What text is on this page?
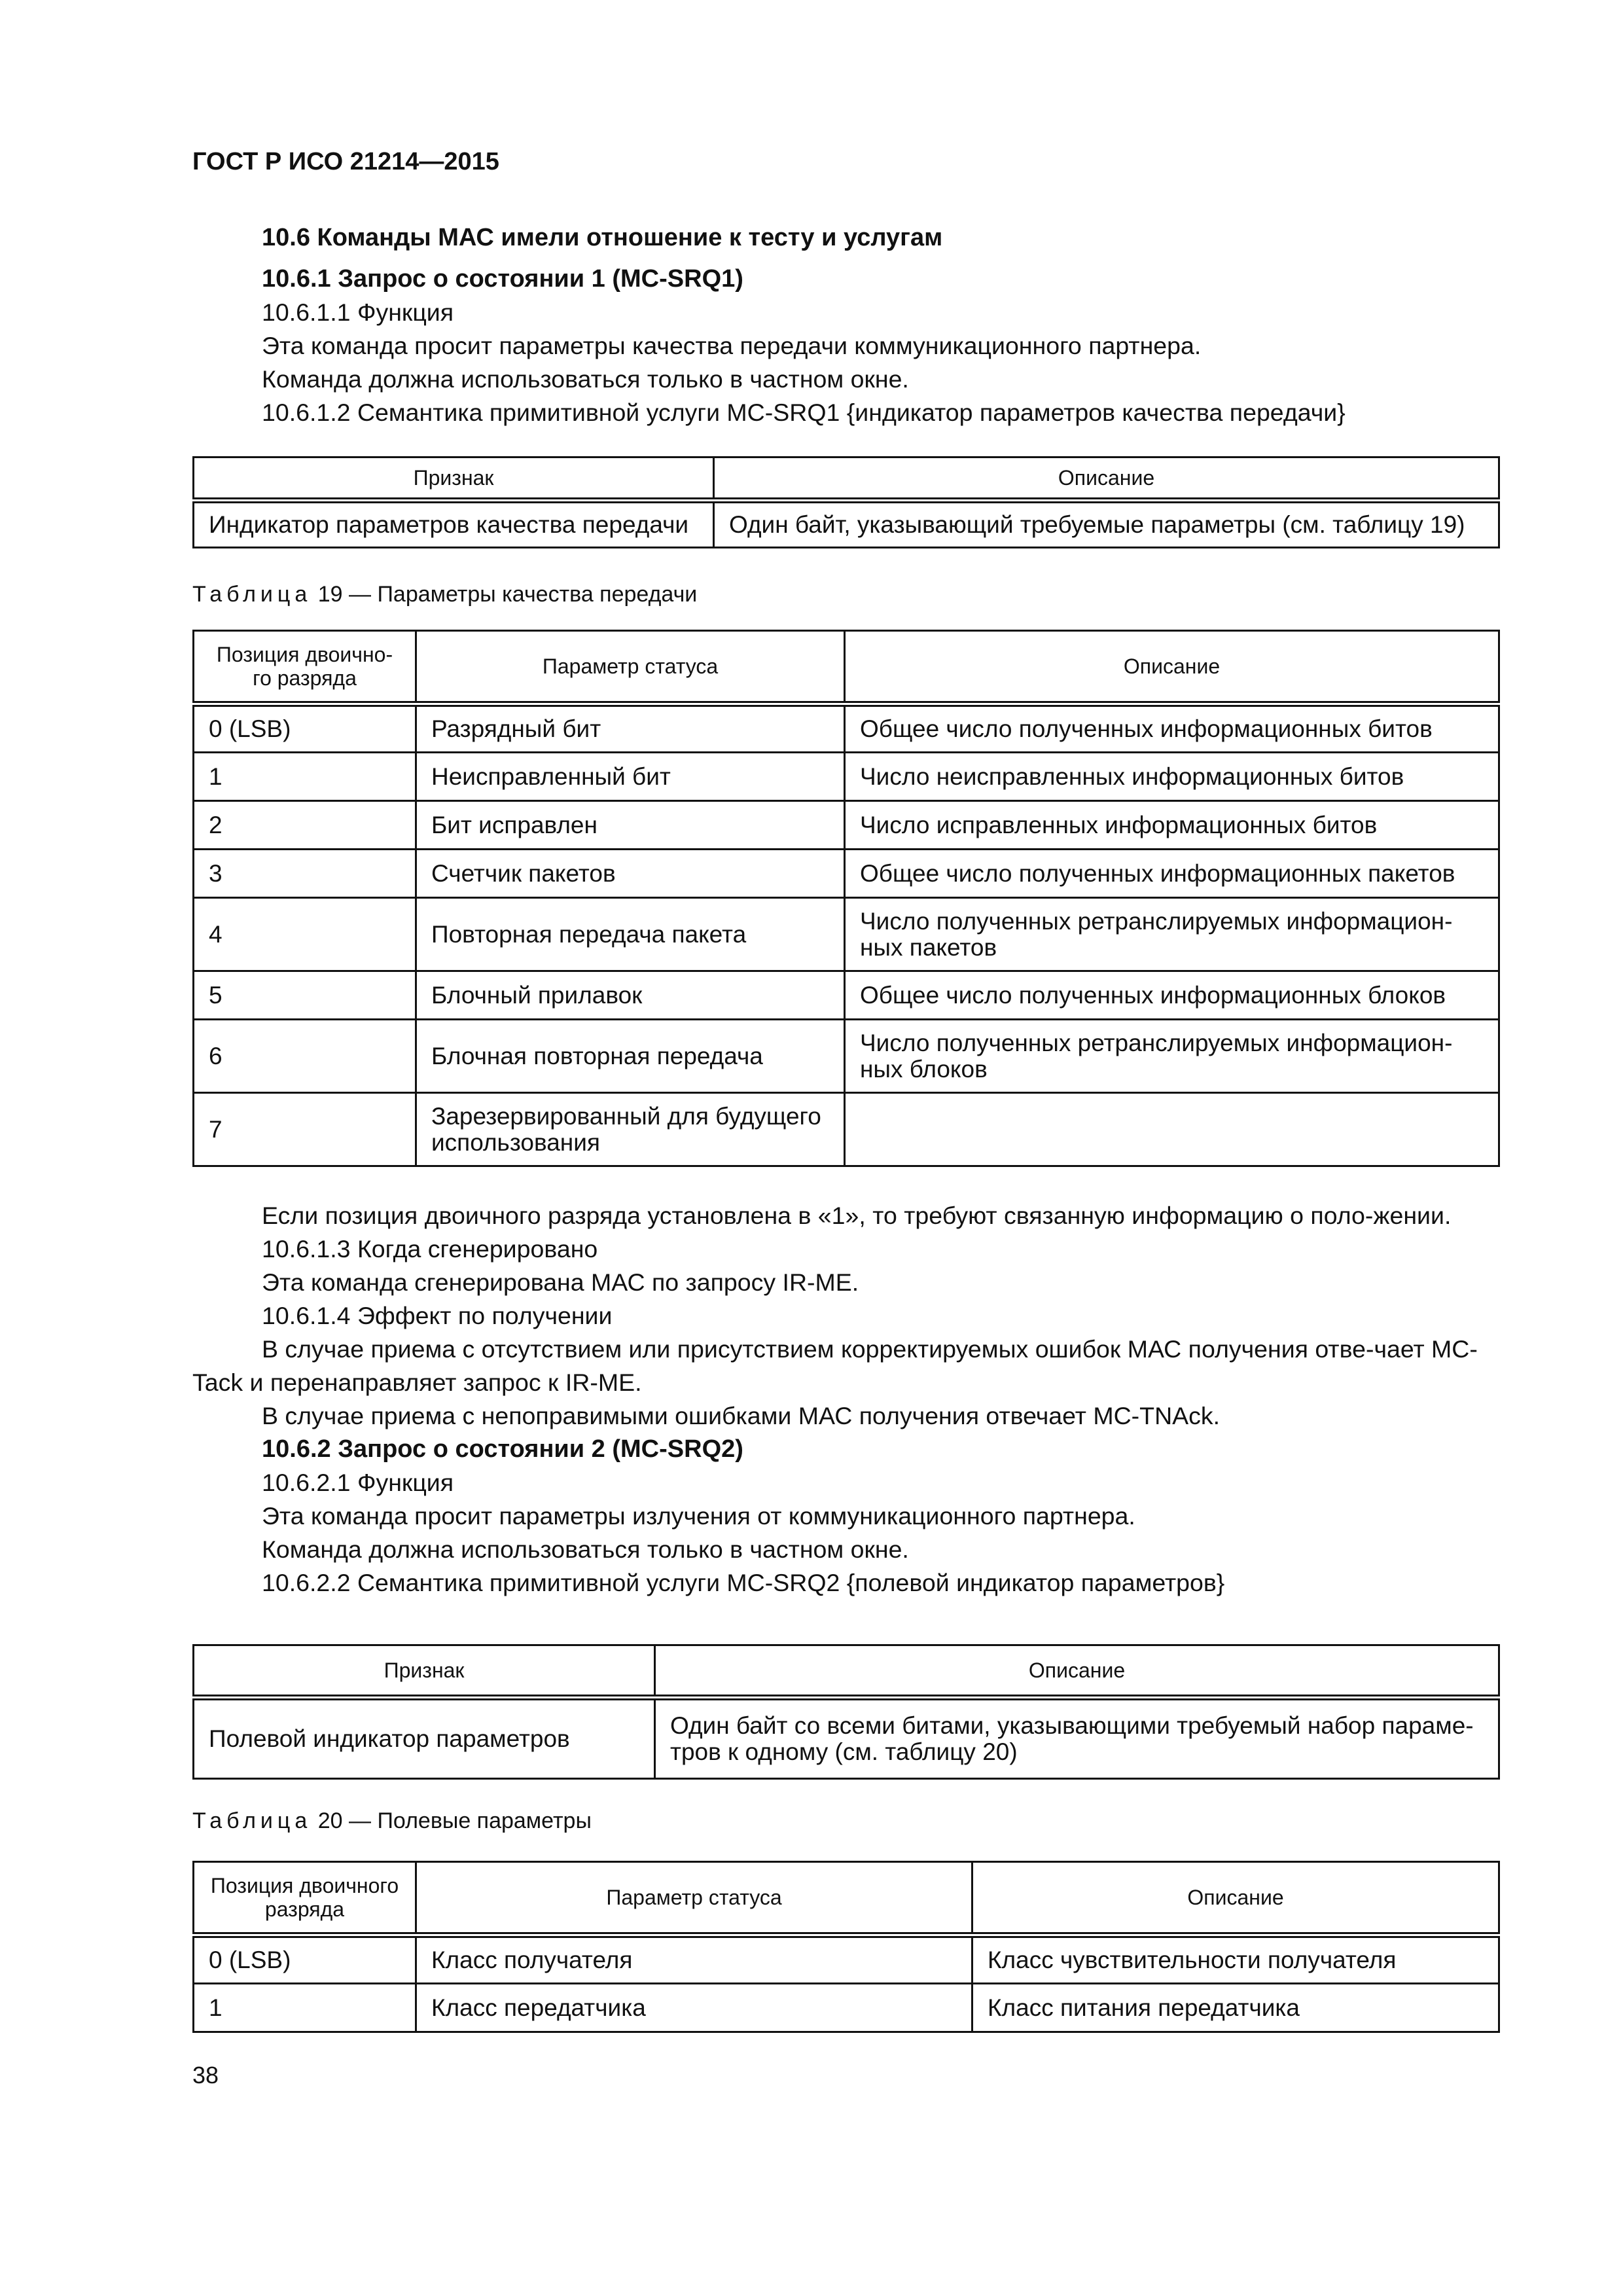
ГОСТ Р ИСО 21214—2015

10.6 Команды МАС имели отношение к тесту и услугам

10.6.1 Запрос о состоянии 1 (MC-SRQ1)

10.6.1.1 Функция

Эта команда просит параметры качества передачи коммуникационного партнера.

Команда должна использоваться только в частном окне.

10.6.1.2 Семантика примитивной услуги MC-SRQ1 {индикатор параметров качества передачи}

Признак	Описание
Индикатор параметров качества передачи	Один байт, указывающий требуемые параметры (см. таблицу 19)
Таблица 19 — Параметры качества передачи
Позиция двоично-го разряда	Параметр статуса	Описание
0 (LSB)	Разрядный бит	Общее число полученных информационных битов
1	Неисправленный бит	Число неисправленных информационных битов
2	Бит исправлен	Число исправленных информационных битов
3	Счетчик пакетов	Общее число полученных информационных пакетов
4	Повторная передача пакета	Число полученных ретранслируемых информацион-ных пакетов
5	Блочный прилавок	Общее число полученных информационных блоков
6	Блочная повторная передача	Число полученных ретранслируемых информацион-ных блоков
7	Зарезервированный для будущего использования	

Если позиция двоичного разряда установлена в «1», то требуют связанную информацию о поло-жении.

10.6.1.3 Когда сгенерировано

Эта команда сгенерирована МАС по запросу IR-ME.

10.6.1.4 Эффект по получении

В случае приема с отсутствием или присутствием корректируемых ошибок МАС получения отве-чает MC-Tack и перенаправляет запрос к IR-ME.

В случае приема с непоправимыми ошибками МАС получения отвечает MC-TNAck.

10.6.2 Запрос о состоянии 2 (MC-SRQ2)

10.6.2.1 Функция

Эта команда просит параметры излучения от коммуникационного партнера.

Команда должна использоваться только в частном окне.

10.6.2.2 Семантика примитивной услуги MC-SRQ2 {полевой индикатор параметров}

Признак	Описание
Полевой индикатор параметров	Один байт со всеми битами, указывающими требуемый набор параме-тров к одному (см. таблицу 20)
Таблица 20 — Полевые параметры
Позиция двоичного разряда	Параметр статуса	Описание
0 (LSB)	Класс получателя	Класс чувствительности получателя
1	Класс передатчика	Класс питания передатчика
38
